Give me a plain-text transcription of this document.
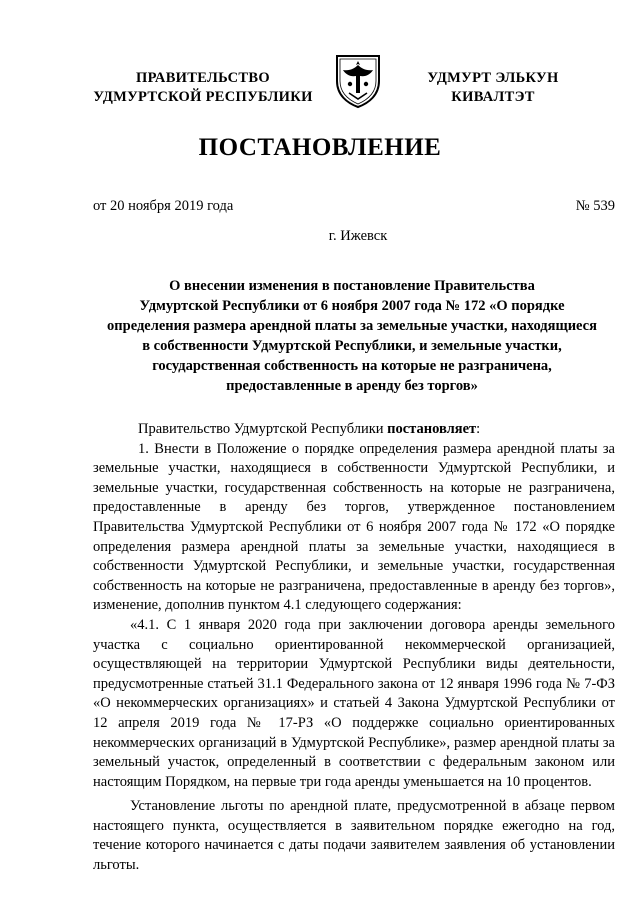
ПРАВИТЕЛЬСТВО
УДМУРТСКОЙ РЕСПУБЛИКИ
УДМУРТ ЭЛЬКУН
КИВАЛТЭТ
ПОСТАНОВЛЕНИЕ
от 20 ноября 2019 года	№ 539
г. Ижевск
О внесении изменения в постановление Правительства
Удмуртской Республики от 6 ноября 2007 года № 172 «О порядке
определения размера арендной платы за земельные участки, находящиеся
в собственности Удмуртской Республики, и земельные участки,
государственная собственность на которые не разграничена,
предоставленные в аренду без торгов»

Правительство Удмуртской Республики постановляет:

1. Внести в Положение о порядке определения размера арендной платы за земельные участки, находящиеся в собственности Удмуртской Республики, и земельные участки, государственная собственность на которые не разграничена, предоставленные в аренду без торгов, утвержденное постановлением Правительства Удмуртской Республики от 6 ноября 2007 года № 172 «О порядке определения размера арендной платы за земельные участки, находящиеся в собственности Удмуртской Республики, и земельные участки, государственная собственность на которые не разграничена, предоставленные в аренду без торгов», изменение, дополнив пунктом 4.1 следующего содержания:

«4.1. С 1 января 2020 года при заключении договора аренды земельного участка с социально ориентированной некоммерческой организацией, осуществляющей на территории Удмуртской Республики виды деятельности, предусмотренные статьей 31.1 Федерального закона от 12 января 1996 года № 7-ФЗ «О некоммерческих организациях» и статьей 4 Закона Удмуртской Республики от 12 апреля 2019 года № 17-РЗ «О поддержке социально ориентированных некоммерческих организаций в Удмуртской Республике», размер арендной платы за земельный участок, определенный в соответствии с федеральным законом или настоящим Порядком, на первые три года аренды уменьшается на 10 процентов.

Установление льготы по арендной плате, предусмотренной в абзаце первом настоящего пункта, осуществляется в заявительном порядке ежегодно на год, течение которого начинается с даты подачи заявителем заявления об установлении льготы.
